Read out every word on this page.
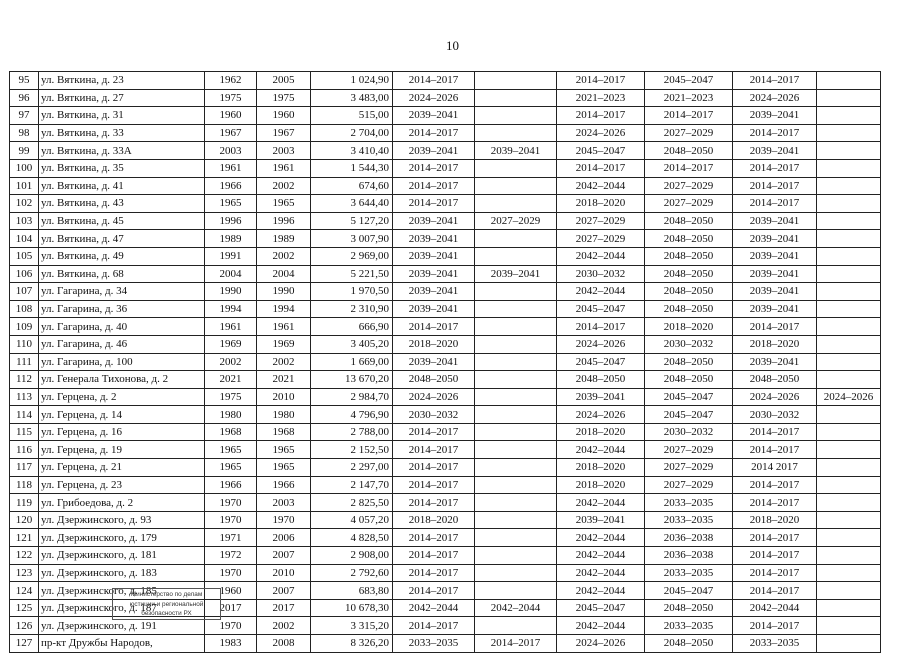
10
95	ул. Вяткина, д. 23	1962	2005	1 024,90	2014–2017		2014–2017	2045–2047	2014–2017	
96	ул. Вяткина, д. 27	1975	1975	3 483,00	2024–2026		2021–2023	2021–2023	2024–2026	
97	ул. Вяткина, д. 31	1960	1960	515,00	2039–2041		2014–2017	2014–2017	2039–2041	
98	ул. Вяткина, д. 33	1967	1967	2 704,00	2014–2017		2024–2026	2027–2029	2014–2017	
99	ул. Вяткина, д. 33А	2003	2003	3 410,40	2039–2041	2039–2041	2045–2047	2048–2050	2039–2041	
100	ул. Вяткина, д. 35	1961	1961	1 544,30	2014–2017		2014–2017	2014–2017	2014–2017	
101	ул. Вяткина, д. 41	1966	2002	674,60	2014–2017		2042–2044	2027–2029	2014–2017	
102	ул. Вяткина, д. 43	1965	1965	3 644,40	2014–2017		2018–2020	2027–2029	2014–2017	
103	ул. Вяткина, д. 45	1996	1996	5 127,20	2039–2041	2027–2029	2027–2029	2048–2050	2039–2041	
104	ул. Вяткина, д. 47	1989	1989	3 007,90	2039–2041		2027–2029	2048–2050	2039–2041	
105	ул. Вяткина, д. 49	1991	2002	2 969,00	2039–2041		2042–2044	2048–2050	2039–2041	
106	ул. Вяткина, д. 68	2004	2004	5 221,50	2039–2041	2039–2041	2030–2032	2048–2050	2039–2041	
107	ул. Гагарина, д. 34	1990	1990	1 970,50	2039–2041		2042–2044	2048–2050	2039–2041	
108	ул. Гагарина, д. 36	1994	1994	2 310,90	2039–2041		2045–2047	2048–2050	2039–2041	
109	ул. Гагарина, д. 40	1961	1961	666,90	2014–2017		2014–2017	2018–2020	2014–2017	
110	ул. Гагарина, д. 46	1969	1969	3 405,20	2018–2020		2024–2026	2030–2032	2018–2020	
111	ул. Гагарина, д. 100	2002	2002	1 669,00	2039–2041		2045–2047	2048–2050	2039–2041	
112	ул. Генерала Тихонова, д. 2	2021	2021	13 670,20	2048–2050		2048–2050	2048–2050	2048–2050	
113	ул. Герцена, д. 2	1975	2010	2 984,70	2024–2026		2039–2041	2045–2047	2024–2026	2024–2026
114	ул. Герцена, д. 14	1980	1980	4 796,90	2030–2032		2024–2026	2045–2047	2030–2032	
115	ул. Герцена, д. 16	1968	1968	2 788,00	2014–2017		2018–2020	2030–2032	2014–2017	
116	ул. Герцена, д. 19	1965	1965	2 152,50	2014–2017		2042–2044	2027–2029	2014–2017	
117	ул. Герцена, д. 21	1965	1965	2 297,00	2014–2017		2018–2020	2027–2029	2014 2017	
118	ул. Герцена, д. 23	1966	1966	2 147,70	2014–2017		2018–2020	2027–2029	2014–2017	
119	ул. Грибоедова, д. 2	1970	2003	2 825,50	2014–2017		2042–2044	2033–2035	2014–2017	
120	ул. Дзержинского, д. 93	1970	1970	4 057,20	2018–2020		2039–2041	2033–2035	2018–2020	
121	ул. Дзержинского, д. 179	1971	2006	4 828,50	2014–2017		2042–2044	2036–2038	2014–2017	
122	ул. Дзержинского, д. 181	1972	2007	2 908,00	2014–2017		2042–2044	2036–2038	2014–2017	
123	ул. Дзержинского, д. 183	1970	2010	2 792,60	2014–2017		2042–2044	2033–2035	2014–2017	
124	ул. Дзержинского, д. 185	1960	2007	683,80	2014–2017		2042–2044	2045–2047	2014–2017	
125	ул. Дзержинского, д. 187	2017	2017	10 678,30	2042–2044	2042–2044	2045–2047	2048–2050	2042–2044	
126	ул. Дзержинского, д. 191	1970	2002	3 315,20	2014–2017		2042–2044	2033–2035	2014–2017	
127	пр-кт Дружбы Народов,	1983	2008	8 326,20	2033–2035	2014–2017	2024–2026	2048–2050	2033–2035	
Министерство по делам
юстиции и региональной
безопасности РХ
